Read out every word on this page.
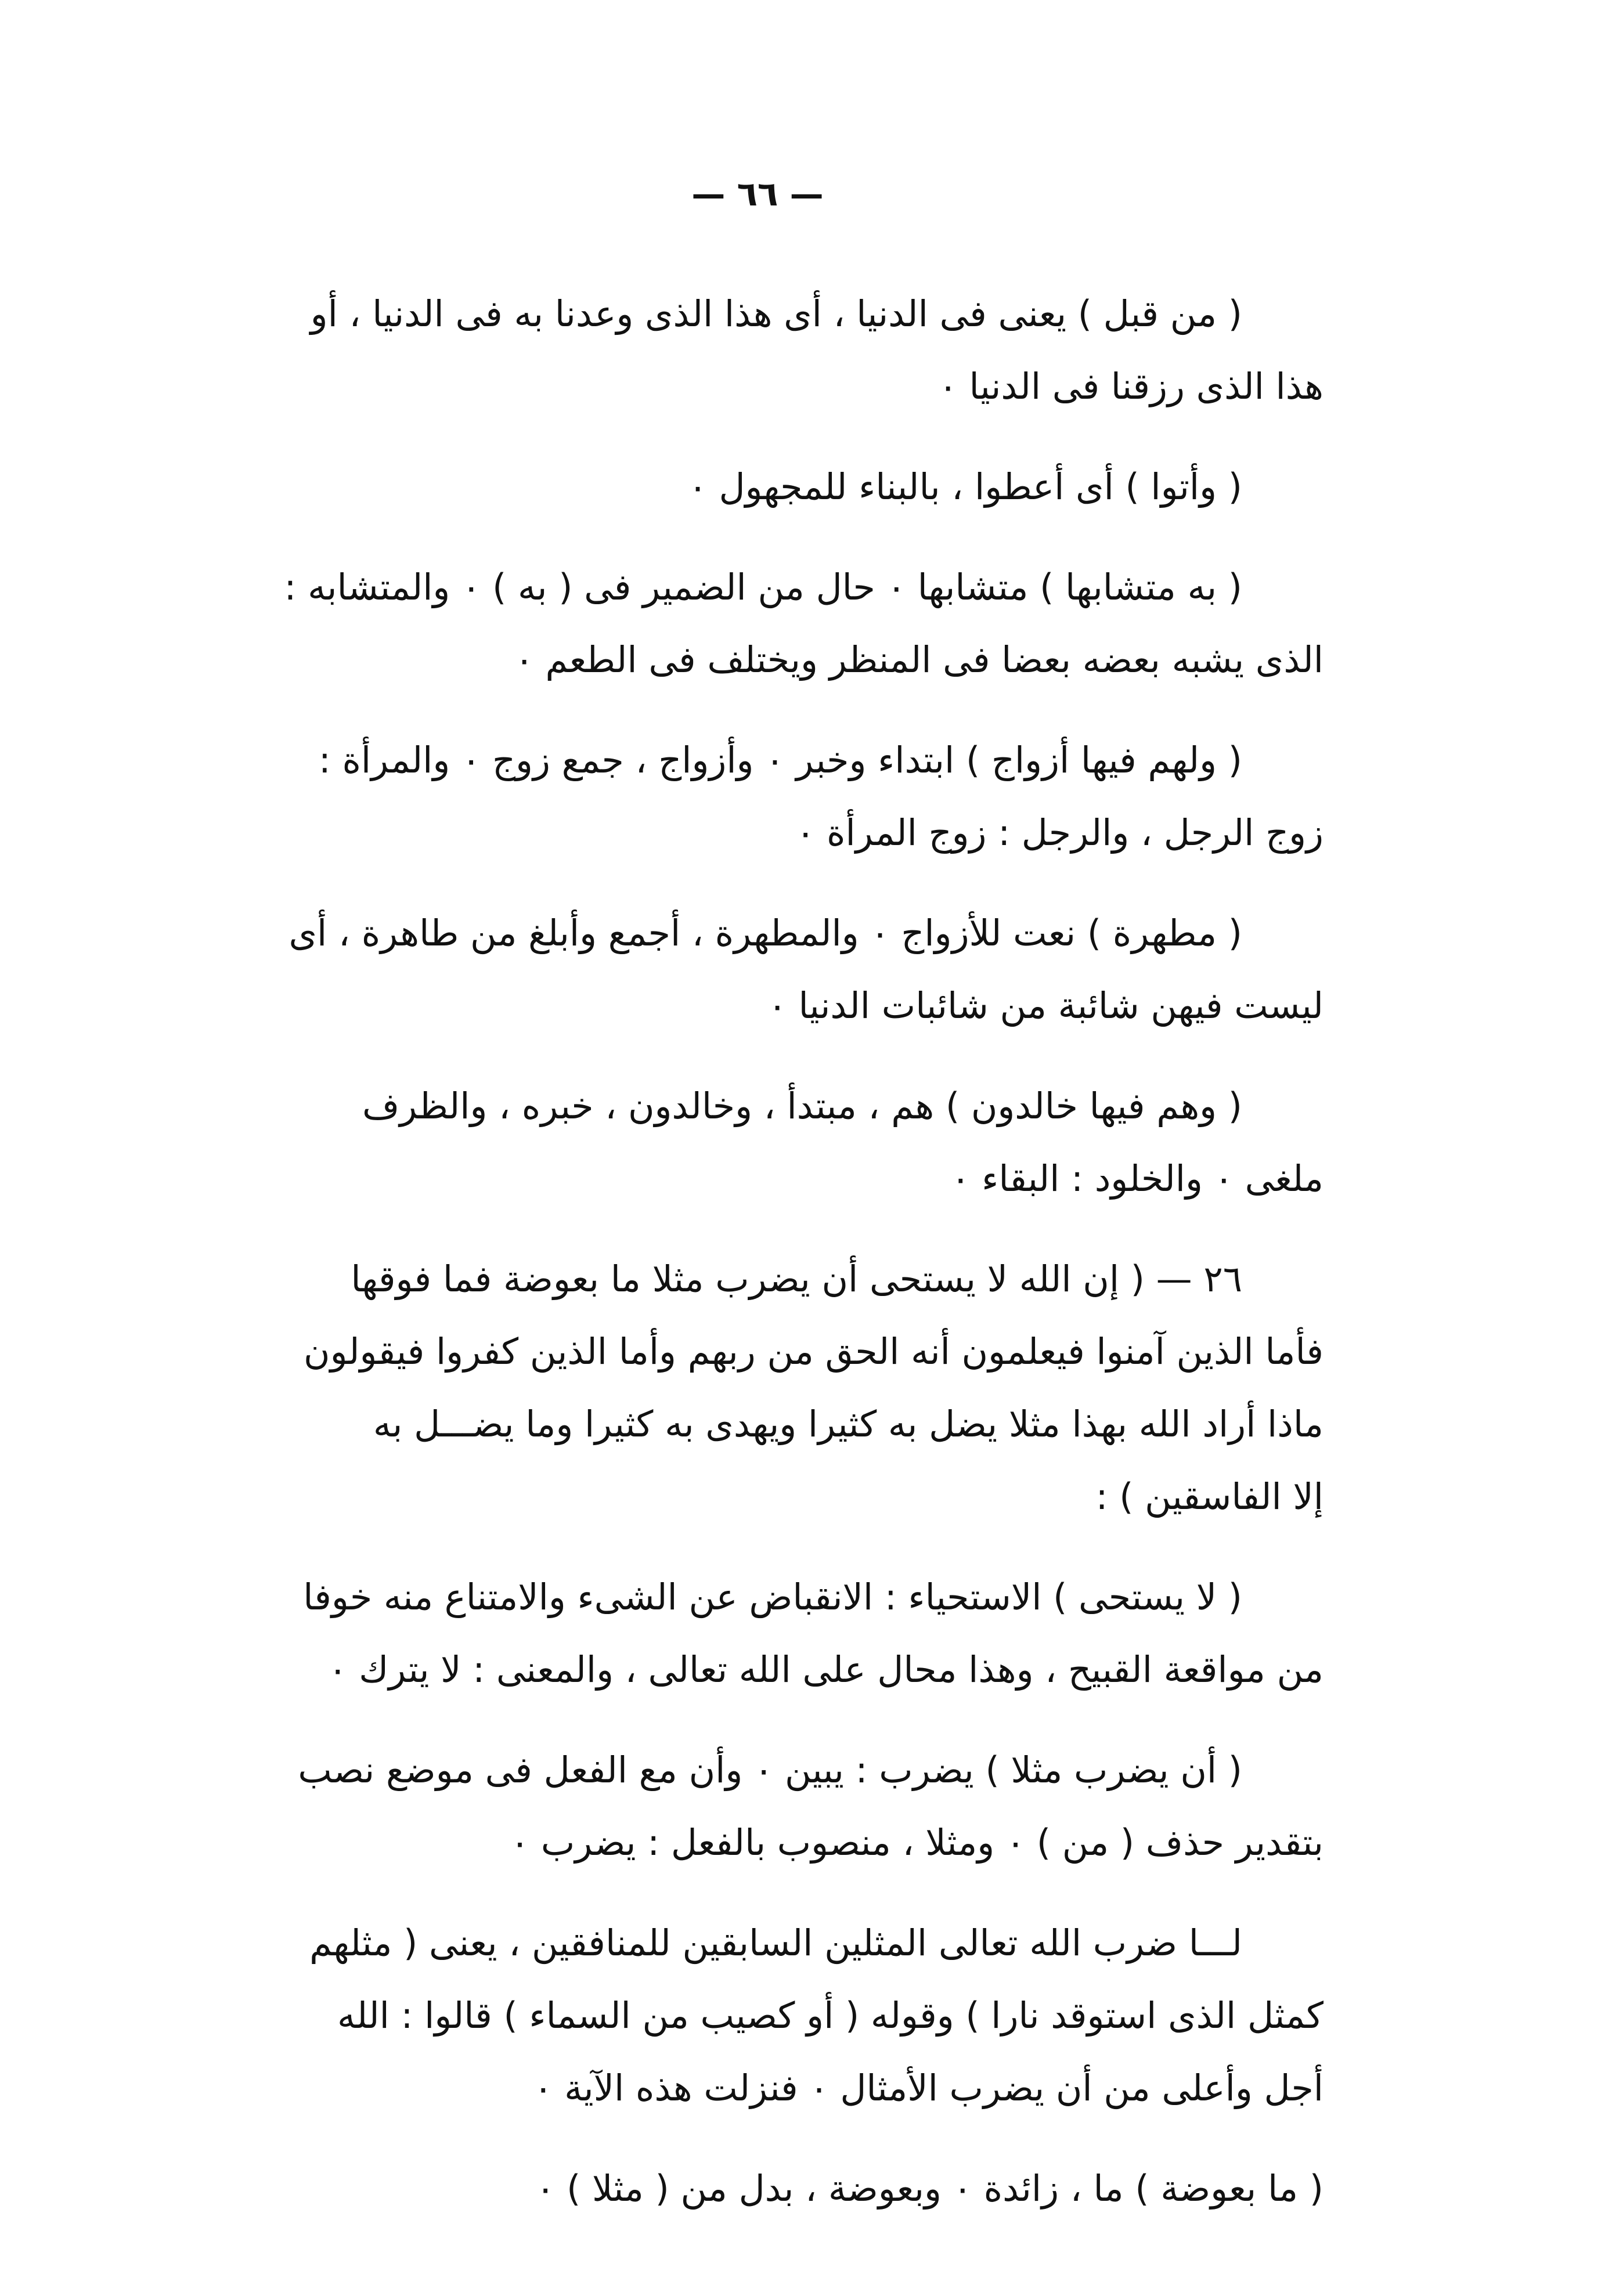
— ٦٦ —
( من قبل ) يعنى فى الدنيا ، أى هذا الذى وعدنا به فى الدنيا ، أو
هذا الذى رزقنا فى الدنيا ٠
( وأتوا ) أى أعطوا ، بالبناء للمجهول ٠
( به متشابها ) متشابها ٠ حال من الضمير فى ( به ) ٠ والمتشابه :
الذى يشبه بعضه بعضا فى المنظر ويختلف فى الطعم ٠
( ولهم فيها أزواج ) ابتداء وخبر ٠ وأزواج ، جمع زوج ٠ والمرأة :
زوج الرجل ، والرجل : زوج المرأة ٠
( مطهرة ) نعت للأزواج ٠ والمطهرة ، أجمع وأبلغ من طاهرة ، أى
ليست فيهن شائبة من شائبات الدنيا ٠
( وهم فيها خالدون ) هم ، مبتدأ ، وخالدون ، خبره ، والظرف
ملغى ٠ والخلود : البقاء ٠
٢٦ — ( إن الله لا يستحى أن يضرب مثلا ما بعوضة فما فوقها
فأما الذين آمنوا فيعلمون أنه الحق من ربهم وأما الذين كفروا فيقولون
ماذا أراد الله بهذا مثلا يضل به كثيرا ويهدى به كثيرا وما يضـــل به
إلا الفاسقين ) :
( لا يستحى ) الاستحياء : الانقباض عن الشىء والامتناع منه خوفا
من مواقعة القبيح ، وهذا محال على الله تعالى ، والمعنى : لا يترك ٠
( أن يضرب مثلا ) يضرب : يبين ٠ وأن مع الفعل فى موضع نصب
بتقدير حذف ( من ) ٠ ومثلا ، منصوب بالفعل : يضرب ٠
لـــا ضرب الله تعالى المثلين السابقين للمنافقين ، يعنى ( مثلهم
كمثل الذى استوقد نارا ) وقوله ( أو كصيب من السماء ) قالوا : الله
أجل وأعلى من أن يضرب الأمثال ٠ فنزلت هذه الآية ٠
( ما بعوضة ) ما ، زائدة ٠ وبعوضة ، بدل من ( مثلا ) ٠
